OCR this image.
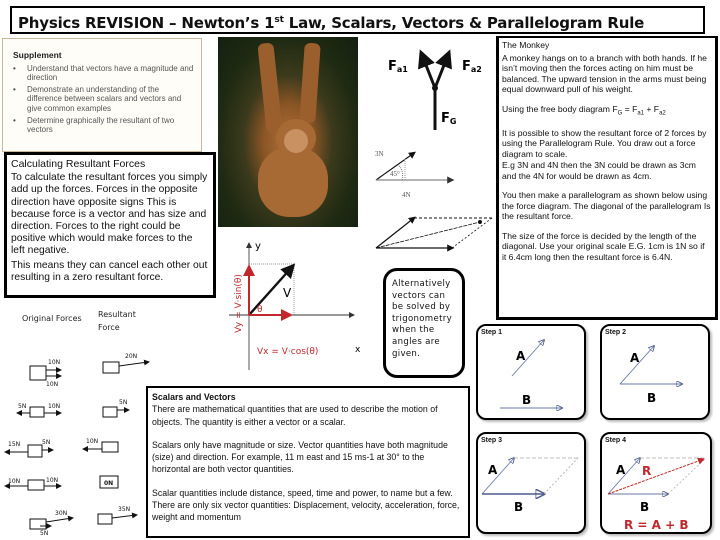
Physics REVISION – Newton’s 1st Law, Scalars, Vectors & Parallelogram Rule
Supplement
• Understand that vectors have a magnitude and direction
• Demonstrate an understanding of the difference between scalars and vectors and give common examples
• Determine graphically the resultant of two vectors
Calculating Resultant Forces

To calculate the resultant forces you simply add up the forces. Forces in the opposite direction have opposite signs This is because force is a vector and has size and direction. Forces to the right could be positive which would make forces to the left negative.

This means they can cancel each other out resulting in a zero resultant force.

Fa1	Fa2
FG
3N
45°
4N
y
x
V
θ
Vx = V·cos(θ)
Vy = V·sin(θ)	Alternatively vectors can be solved by trigonometry when the angles are given.

The Monkey

A monkey hangs on to a branch with both hands. If he isn’t moving then the forces acting on him must be balanced. The upward tension in the arms must being equal downward pull of his weight.

Using the free body diagram $F_G = F_{a1} + F_{a2}$

It is possible to show the resultant force of 2 forces by using the Parallelogram Rule. You draw out a force diagram to scale.

E.g 3N and 4N then the 3N could be drawn as 3cm and the 4N for would be drawn as 4cm.

You then make a parallelogram as shown below using the force diagram. The diagonal of the parallelogram Is the resultant force.

The size of the force is decided by the length of the diagonal. Use your original scale E.G. 1cm is 1N so if it 6.4cm long then the resultant force is 6.4N.

Original Forces Resultant Force
10N
10N
20N
5N	10N
5N
15N	5N	10N
10N	10N	0N
30N
5N
35N
Scalars and Vectors

There are mathematical quantities that are used to describe the motion of objects. The quantity is either a vector or a scalar.

Scalars only have magnitude or size. Vector quantities have both magnitude (size) and direction. For example, 11 m east and 15 ms-1 at 30° to the horizontal are both vector quantities.

Scalar quantities include distance, speed, time and power, to name but a few. There are only six vector quantities: Displacement, velocity, acceleration, force, weight and momentum

Step 1
A
B
Step 2
A
B
Step 3
A
B
Step 4
A R
B
R = A + B
